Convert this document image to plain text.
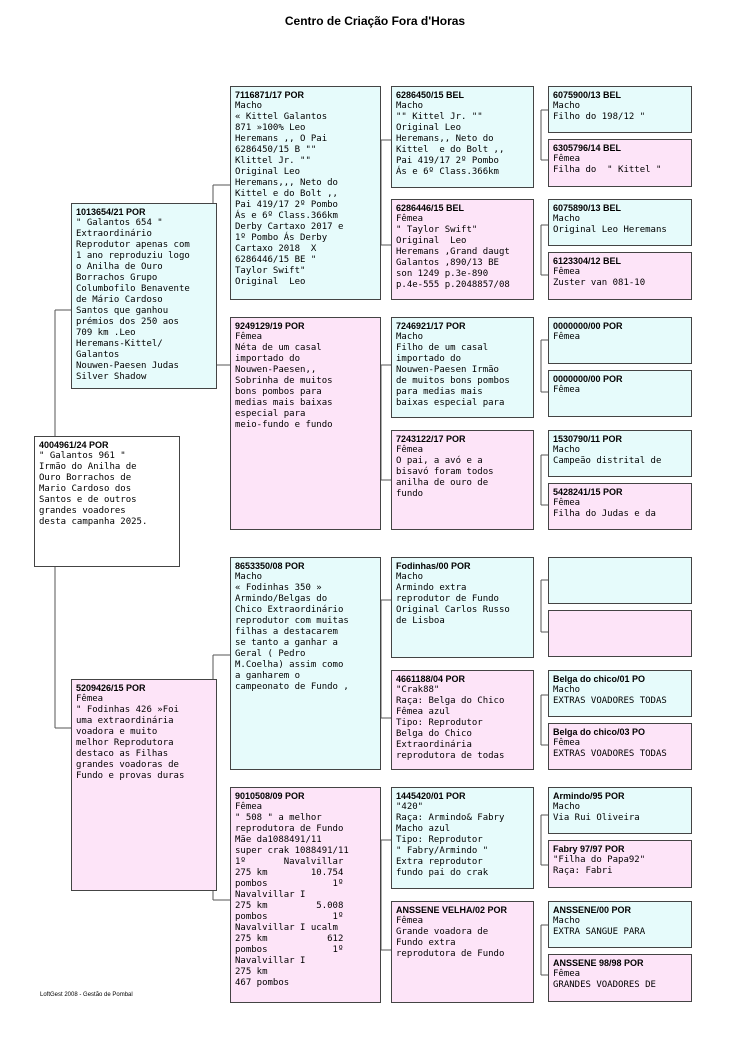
Centro de Criação Fora d'Horas
4004961/24 POR
" Galantos 961 "
Irmão do Anilha de
Ouro Borrachos de
Mario Cardoso dos
Santos e de outros
grandes voadores
desta campanha 2025.
1013654/21 POR
" Galantos 654 "
Extraordinário
Reprodutor apenas com
1 ano reproduziu logo
o Anilha de Ouro
Borrachos Grupo
Columbofilo Benavente
de Mário Cardoso
Santos que ganhou
prémios dos 250 aos
709 km .Leo
Heremans-Kittel/
Galantos
Nouwen-Paesen Judas
Silver Shadow
5209426/15 POR
Fêmea
" Fodinhas 426 »Foi
uma extraordinária
voadora e muito
melhor Reprodutora
destaco as Filhas
grandes voadoras de
Fundo e provas duras
7116871/17 POR
Macho
« Kittel Galantos
871 »100% Leo
Heremans ,, O Pai
6286450/15 B ""
Klittel Jr. ""
Original Leo
Heremans,,, Neto do
Kittel e do Bolt ,,
Pai 419/17 2º Pombo
Ás e 6º Class.366km
Derby Cartaxo 2017 e
1º Pombo Ás Derby
Cartaxo 2018  X
6286446/15 BE "
Taylor Swift"
Original  Leo
9249129/19 POR
Fêmea
Néta de um casal
importado do
Nouwen-Paesen,,
Sobrinha de muitos
bons pombos para
medias mais baixas
especial para
meio-fundo e fundo
8653350/08 POR
Macho
« Fodinhas 350 »
Armindo/Belgas do
Chico Extraordinário
reprodutor com muitas
filhas a destacarem
se tanto a ganhar a
Geral ( Pedro
M.Coelha) assim como
a ganharem o
campeonato de Fundo ,
9010508/09 POR
Fêmea
" 508 " a melhor
reprodutora de Fundo
Mãe da1088491/11
super crak 1088491/11
1º       Navalvillar
275 km        10.754
pombos            1º
Navalvillar I
275 km         5.008
pombos            1º
Navalvillar I ucalm
275 km           612
pombos            1º
Navalvillar I
275 km
467 pombos
6286450/15 BEL
Macho
"" Kittel Jr. ""
Original Leo
Heremans,, Neto do
Kittel  e do Bolt ,,
Pai 419/17 2º Pombo
Ás e 6º Class.366km
6286446/15 BEL
Fêmea
" Taylor Swift"
Original  Leo
Heremans ,Grand daugt
Galantos ,890/13 BE
son 1249 p.3e-890
p.4e-555 p.2048857/08
7246921/17 POR
Macho
Filho de um casal
importado do
Nouwen-Paesen Irmão
de muitos bons pombos
para medias mais
baixas especial para
7243122/17 POR
Fêmea
O pai, a avó e a
bisavó foram todos
anilha de ouro de
fundo
Fodinhas/00 POR
Macho
Armindo extra
reprodutor de Fundo
Original Carlos Russo
de Lisboa
4661188/04 POR
"Crak88"
Raça: Belga do Chico
Fêmea azul
Tipo: Reprodutor
Belga do Chico
Extraordinária
reprodutora de todas
1445420/01 POR
"420"
Raça: Armindo& Fabry
Macho azul
Tipo: Reprodutor
" Fabry/Armindo "
Extra reprodutor
fundo pai do crak
ANSSENE VELHA/02 POR
Fêmea
Grande voadora de
Fundo extra
reprodutora de Fundo
6075900/13 BEL
Macho
Filho do 198/12 "
6305796/14 BEL
Fêmea
Filha do  " Kittel "
6075890/13 BEL
Macho
Original Leo Heremans
6123304/12 BEL
Fêmea
Zuster van 081-10
0000000/00 POR
Fêmea
0000000/00 POR
Fêmea
1530790/11 POR
Macho
Campeão distrital de
5428241/15 POR
Fêmea
Filha do Judas e da
Belga do chico/01 PO
Macho
EXTRAS VOADORES TODAS
Belga do chico/03 PO
Fêmea
EXTRAS VOADORES TODAS
Armindo/95 POR
Macho
Via Rui Oliveira
Fabry 97/97 POR
"Filha do Papa92"
Raça: Fabri
ANSSENE/00 POR
Macho
EXTRA SANGUE PARA
ANSSENE 98/98 POR
Fêmea
GRANDES VOADORES DE
LoftGest 2008 - Gestão de Pombal
